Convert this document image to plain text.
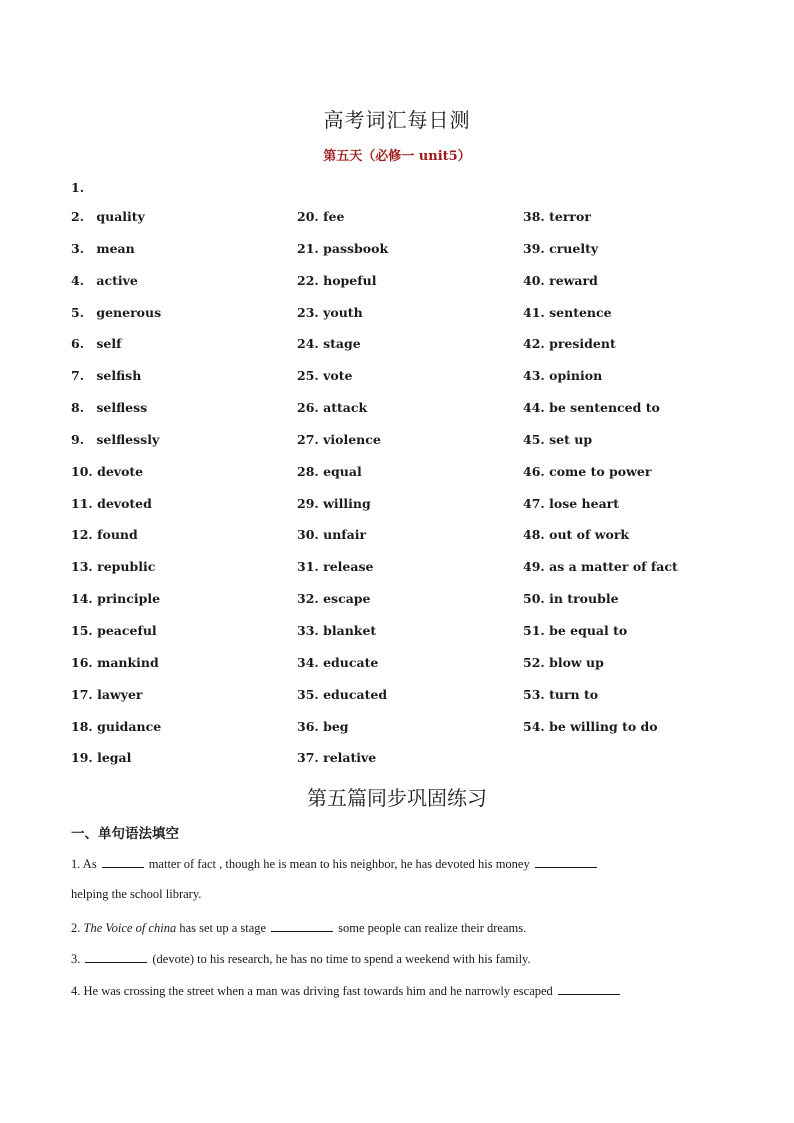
高考词汇每日测
第五天（必修一 unit5）
1.
2. quality
3. mean
4. active
5. generous
6. self
7. selfish
8. selfless
9. selflessly
10. devote
11. devoted
12. found
13. republic
14. principle
15. peaceful
16. mankind
17. lawyer
18. guidance
19. legal
20. fee
21. passbook
22. hopeful
23. youth
24. stage
25. vote
26. attack
27. violence
28. equal
29. willing
30. unfair
31. release
32. escape
33. blanket
34. educate
35. educated
36. beg
37. relative
38. terror
39. cruelty
40. reward
41. sentence
42. president
43. opinion
44. be sentenced to
45. set up
46. come to power
47. lose heart
48. out of work
49. as a matter of fact
50. in trouble
51. be equal to
52. blow up
53. turn to
54. be willing to do
第五篇同步巩固练习
一、单句语法填空
1. As	matter of fact , though he is mean to his neighbor, he has devoted his money
helping the school library.
2. The Voice of china has set up a stage	some people can realize their dreams.
3.	(devote) to his research, he has no time to spend a weekend with his family.
4. He was crossing the street when a man was driving fast towards him and he narrowly escaped
